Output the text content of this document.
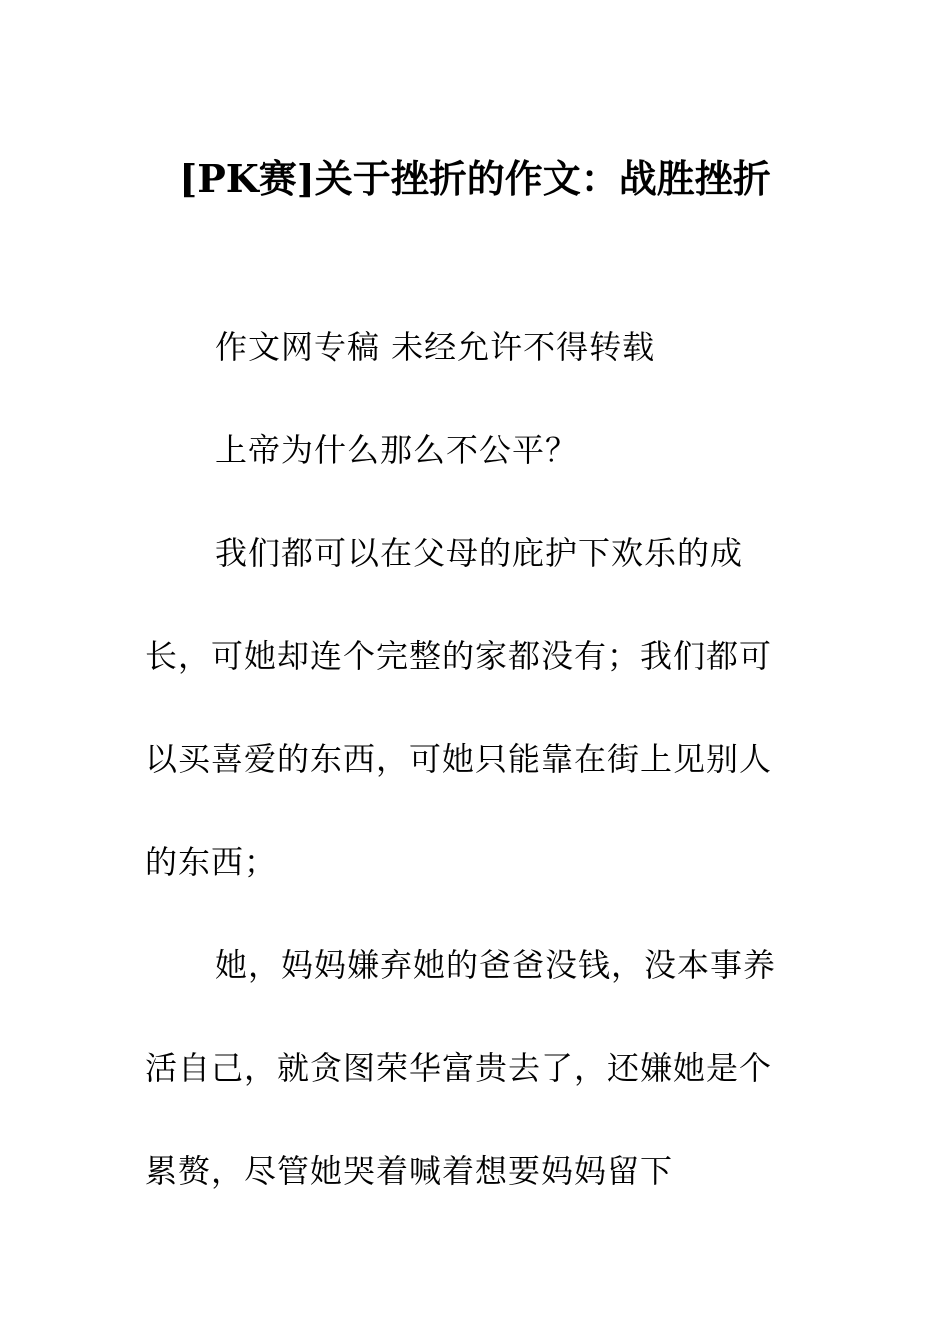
[PK赛]关于挫折的作文：战胜挫折

作文网专稿 未经允许不得转载

上帝为什么那么不公平？

我们都可以在父母的庇护下欢乐的成长，可她却连个完整的家都没有；我们都可以买喜爱的东西，可她只能靠在街上见别人的东西；

她，妈妈嫌弃她的爸爸没钱，没本事养活自己，就贪图荣华富贵去了，还嫌她是个累赘，尽管她哭着喊着想要妈妈留下
